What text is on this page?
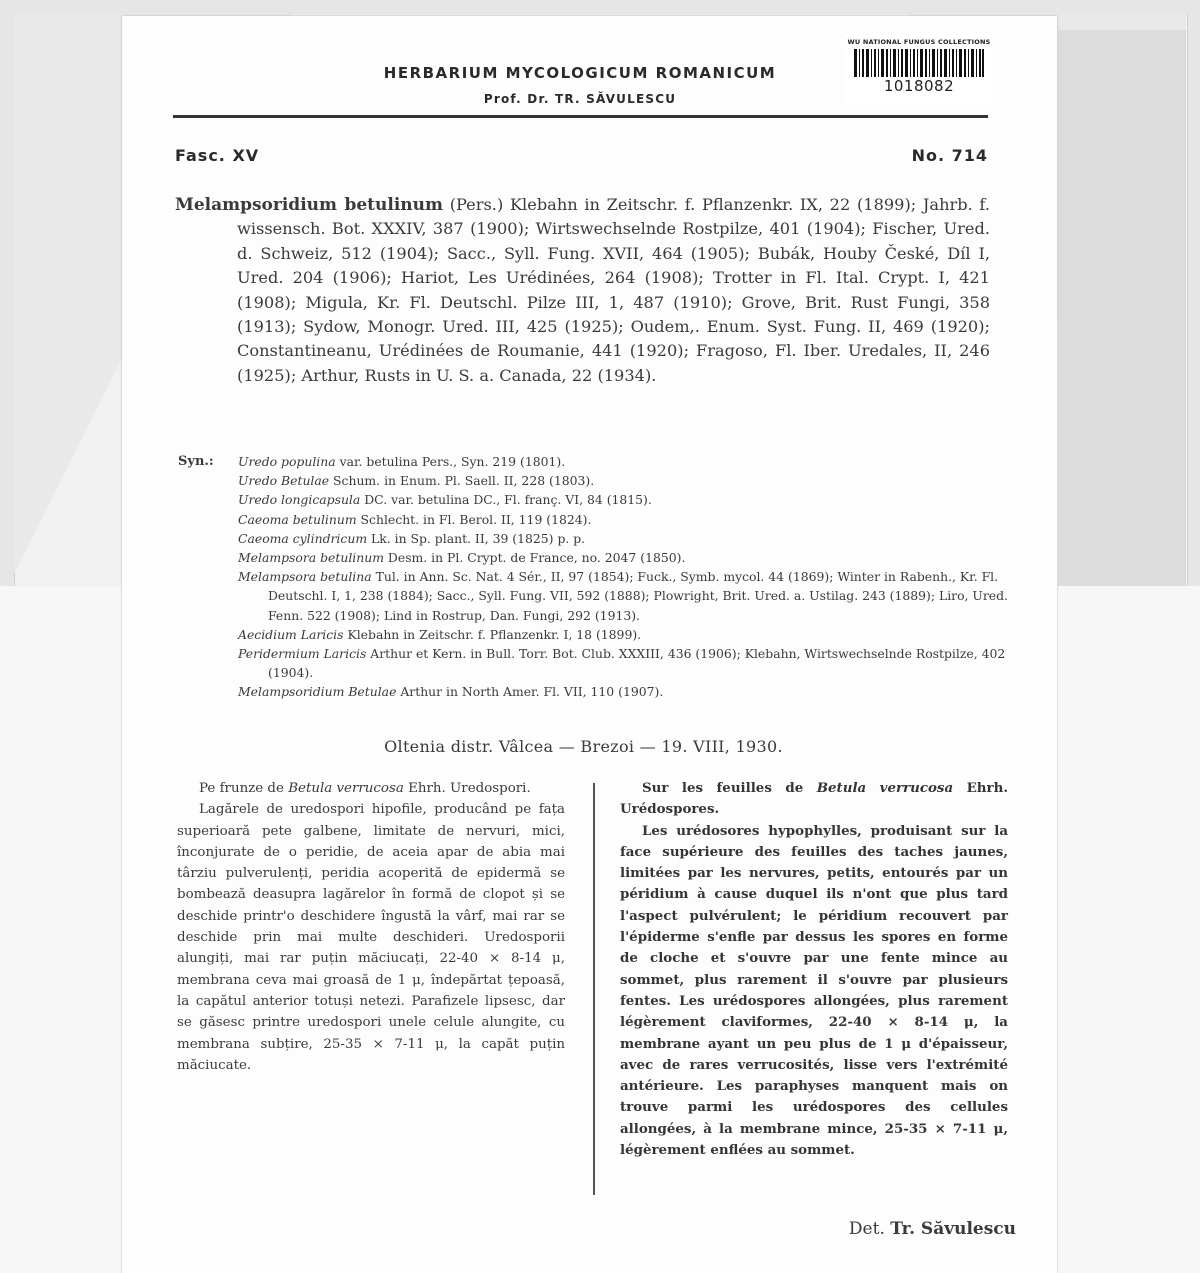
WU NATIONAL FUNGUS COLLECTIONS
1018082
HERBARIUM MYCOLOGICUM ROMANICUM
Prof. Dr. TR. SĂVULESCU
Fasc. XV	No. 714

Melampsoridium betulinum (Pers.) Klebahn in Zeitschr. f. Pflanzenkr. IX, 22 (1899); Jahrb. f. wissensch. Bot. XXXIV, 387 (1900); Wirtswechselnde Rostpilze, 401 (1904); Fischer, Ured. d. Schweiz, 512 (1904); Sacc., Syll. Fung. XVII, 464 (1905); Bubák, Houby České, Díl I, Ured. 204 (1906); Hariot, Les Urédinées, 264 (1908); Trotter in Fl. Ital. Crypt. I, 421 (1908); Migula, Kr. Fl. Deutschl. Pilze III, 1, 487 (1910); Grove, Brit. Rust Fungi, 358 (1913); Sydow, Monogr. Ured. III, 425 (1925); Oudem,. Enum. Syst. Fung. II, 469 (1920); Constantineanu, Urédinées de Roumanie, 441 (1920); Fragoso, Fl. Iber. Uredales, II, 246 (1925); Arthur, Rusts in U. S. a. Canada, 22 (1934).

Syn.: Uredo populina var. betulina Pers., Syn. 219 (1801).
Uredo Betulae Schum. in Enum. Pl. Saell. II, 228 (1803).
Uredo longicapsula DC. var. betulina DC., Fl. franç. VI, 84 (1815).
Caeoma betulinum Schlecht. in Fl. Berol. II, 119 (1824).
Caeoma cylindricum Lk. in Sp. plant. II, 39 (1825) p. p.
Melampsora betulinum Desm. in Pl. Crypt. de France, no. 2047 (1850).
Melampsora betulina Tul. in Ann. Sc. Nat. 4 Sér., II, 97 (1854); Fuck., Symb. mycol. 44 (1869); Winter in Rabenh., Kr. Fl. Deutschl. I, 1, 238 (1884); Sacc., Syll. Fung. VII, 592 (1888); Plowright, Brit. Ured. a. Ustilag. 243 (1889); Liro, Ured. Fenn. 522 (1908); Lind in Rostrup, Dan. Fungi, 292 (1913).
Aecidium Laricis Klebahn in Zeitschr. f. Pflanzenkr. I, 18 (1899).
Peridermium Laricis Arthur et Kern. in Bull. Torr. Bot. Club. XXXIII, 436 (1906); Klebahn, Wirtswechselnde Rostpilze, 402 (1904).
Melampsoridium Betulae Arthur in North Amer. Fl. VII, 110 (1907).
Oltenia distr. Vâlcea — Brezoi — 19. VIII, 1930.

Pe frunze de Betula verrucosa Ehrh. Uredospori.

Lagărele de uredospori hipofile, producând pe fața superioară pete galbene, limitate de nervuri, mici, înconjurate de o peridie, de aceia apar de abia mai târziu pulverulenți, peridia acoperită de epidermă se bombează deasupra lagărelor în formă de clopot și se deschide printr'o deschidere îngustă la vârf, mai rar se deschide prin mai multe deschideri. Uredosporii alungiți, mai rar puțin măciucați, 22-40 × 8-14 μ, membrana ceva mai groasă de 1 μ, îndepărtat țepoasă, la capătul anterior totuși netezi. Parafizele lipsesc, dar se găsesc printre uredospori unele celule alungite, cu membrana subțire, 25-35 × 7-11 μ, la capăt puțin măciucate.

Sur les feuilles de Betula verrucosa Ehrh. Urédospores.

Les urédosores hypophylles, produisant sur la face supérieure des feuilles des taches jaunes, limitées par les nervures, petits, entourés par un péridium à cause duquel ils n'ont que plus tard l'aspect pulvérulent; le péridium recouvert par l'épiderme s'enfle par dessus les spores en forme de cloche et s'ouvre par une fente mince au sommet, plus rarement il s'ouvre par plusieurs fentes. Les urédospores allongées, plus rarement légèrement claviformes, 22-40 × 8-14 μ, la membrane ayant un peu plus de 1 μ d'épaisseur, avec de rares verrucosités, lisse vers l'extrémité antérieure. Les paraphyses manquent mais on trouve parmi les urédospores des cellules allongées, à la membrane mince, 25-35 × 7-11 μ, légèrement enflées au sommet.

Det. Tr. Săvulescu
